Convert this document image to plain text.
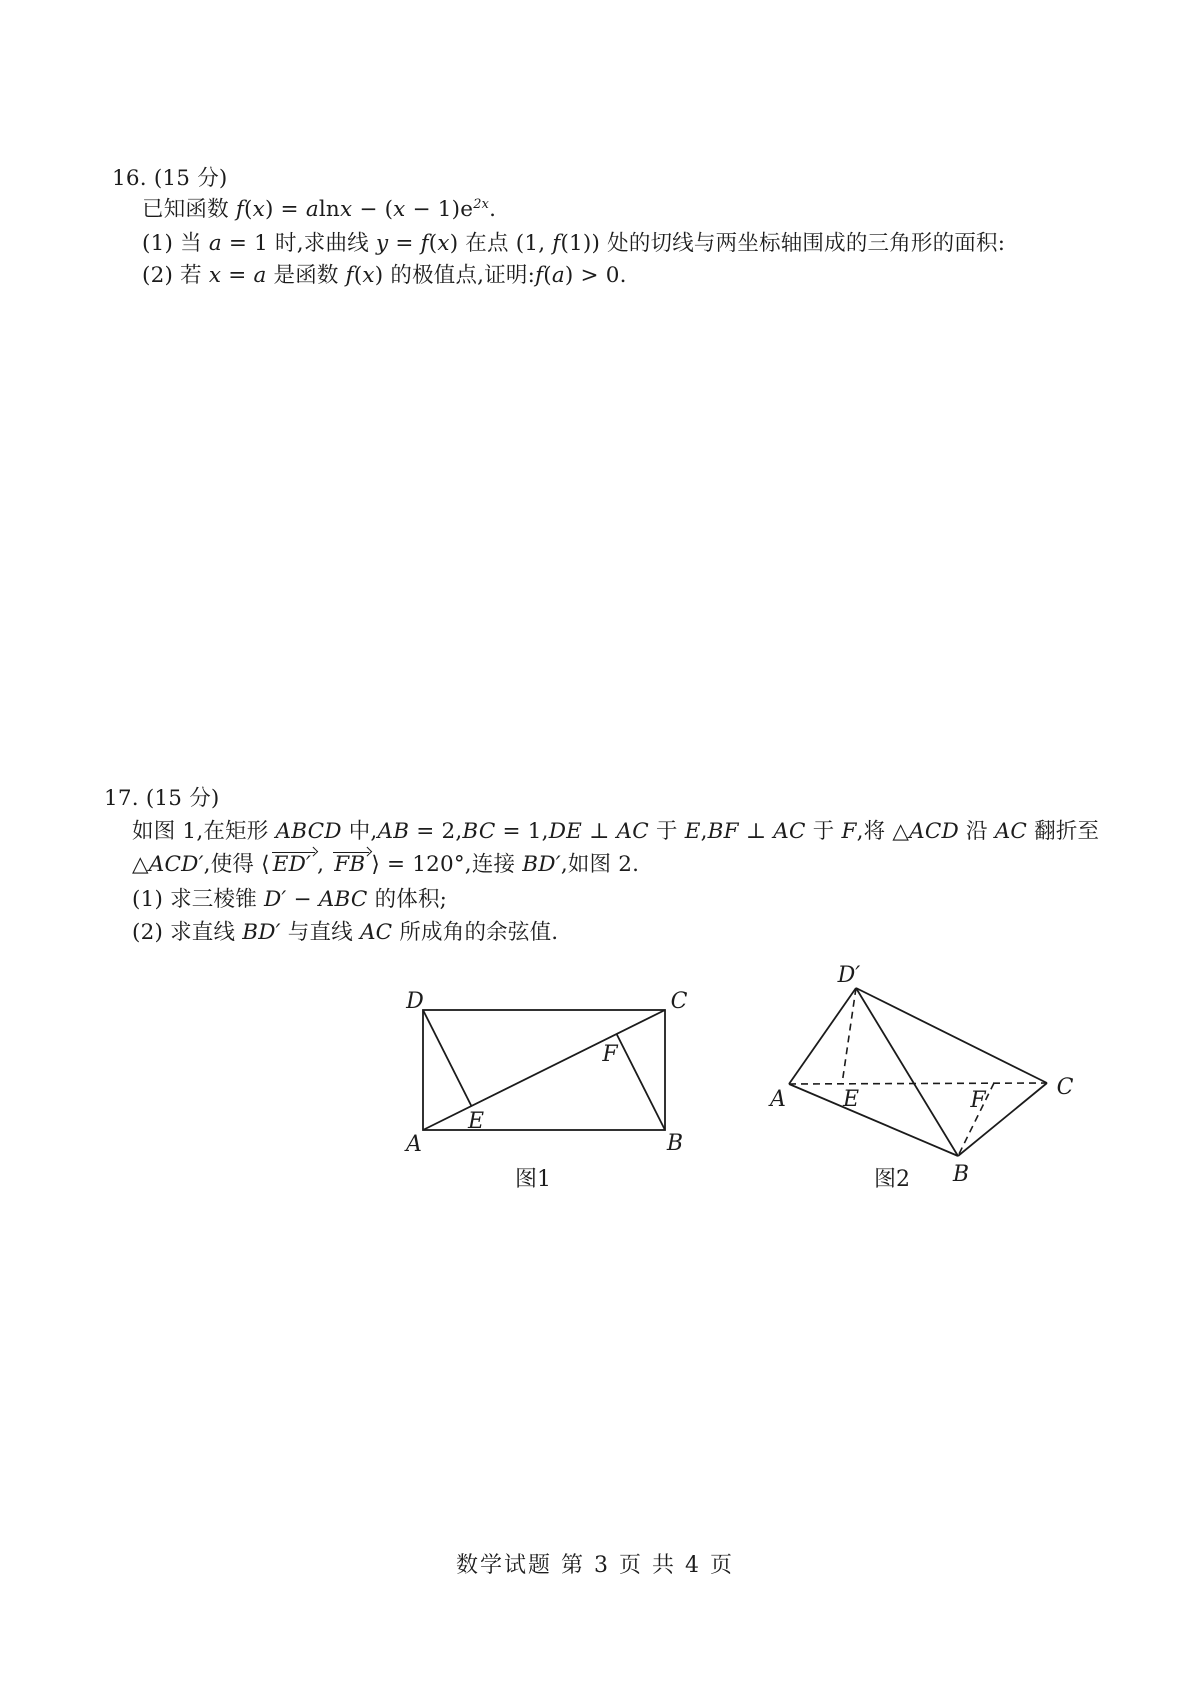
16. (15 分)
已知函数 $f(x) = alnx - (x - 1)e^{2x}$.
(1) 当 a = 1 时,求曲线 y = f(x) 在点 (1, f(1)) 处的切线与两坐标轴围成的三角形的面积:
(2) 若 x = a 是函数 f(x) 的极值点,证明:f(a) > 0.
17. (15 分)
如图 1,在矩形 ABCD 中,AB = 2,BC = 1,DE ⊥ AC 于 E,BF ⊥ AC 于 F,将 △ACD 沿 AC 翻折至
△ACD′,使得 ⟨ ED′ , FB ⟩ = 120°,连接 BD′,如图 2.
(1) 求三棱锥 D′ − ABC 的体积;
(2) 求直线 BD′ 与直线 AC 所成角的余弦值.
D	C
A	B
E
F
图1
D′
A	E	F
C
B
图2
数学试题 第 3 页 共 4 页
